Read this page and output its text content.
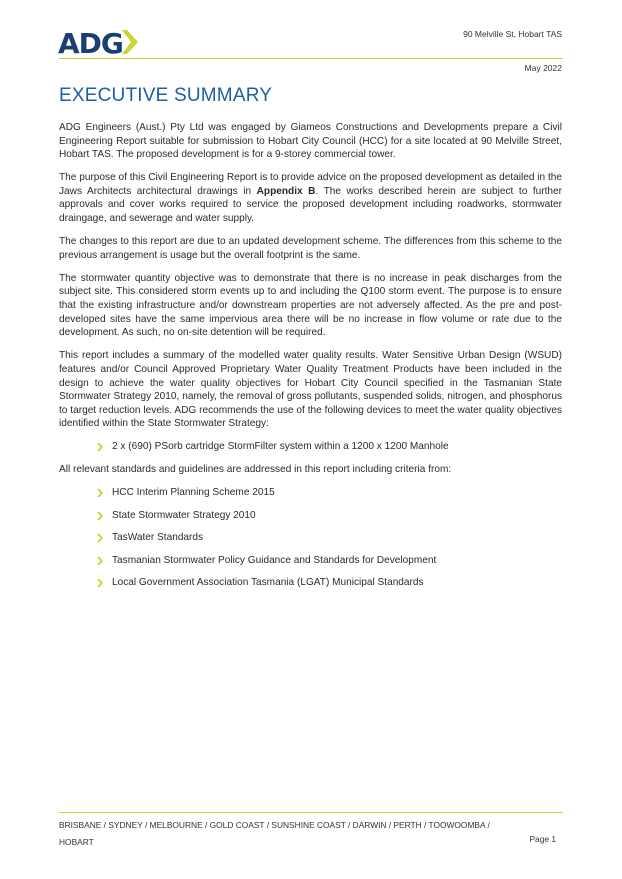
ADG	90 Melville St, Hobart TAS
May 2022
EXECUTIVE SUMMARY

ADG Engineers (Aust.) Pty Ltd was engaged by Giameos Constructions and Developments prepare a Civil Engineering Report suitable for submission to Hobart City Council (HCC) for a site located at 90 Melville Street, Hobart TAS. The proposed development is for a 9-storey commercial tower.

The purpose of this Civil Engineering Report is to provide advice on the proposed development as detailed in the Jaws Architects architectural drawings in Appendix B. The works described herein are subject to further approvals and cover works required to service the proposed development including roadworks, stormwater draingage, and sewerage and water supply.

The changes to this report are due to an updated development scheme. The differences from this scheme to the previous arrangement is usage but the overall footprint is the same.

The stormwater quantity objective was to demonstrate that there is no increase in peak discharges from the subject site. This considered storm events up to and including the Q100 storm event. The purpose is to ensure that the existing infrastructure and/or downstream properties are not adversely affected. As the pre and post-developed sites have the same impervious area there will be no increase in flow volume or rate due to the development. As such, no on-site detention will be required.

This report includes a summary of the modelled water quality results. Water Sensitive Urban Design (WSUD) features and/or Council Approved Proprietary Water Quality Treatment Products have been included in the design to achieve the water quality objectives for Hobart City Council specified in the Tasmanian State Stormwater Strategy 2010, namely, the removal of gross pollutants, suspended solids, nitrogen, and phosphorus to target reduction levels. ADG recommends the use of the following devices to meet the water quality objectives identified within the State Stormwater Strategy:

2 x (690) PSorb cartridge StormFilter system within a 1200 x 1200 Manhole

All relevant standards and guidelines are addressed in this report including criteria from:

HCC Interim Planning Scheme 2015
State Stormwater Strategy 2010
TasWater Standards
Tasmanian Stormwater Policy Guidance and Standards for Development
Local Government Association Tasmania (LGAT) Municipal Standards
BRISBANE / SYDNEY / MELBOURNE / GOLD COAST / SUNSHINE COAST / DARWIN / PERTH / TOOWOOMBA /
HOBART	Page 1
